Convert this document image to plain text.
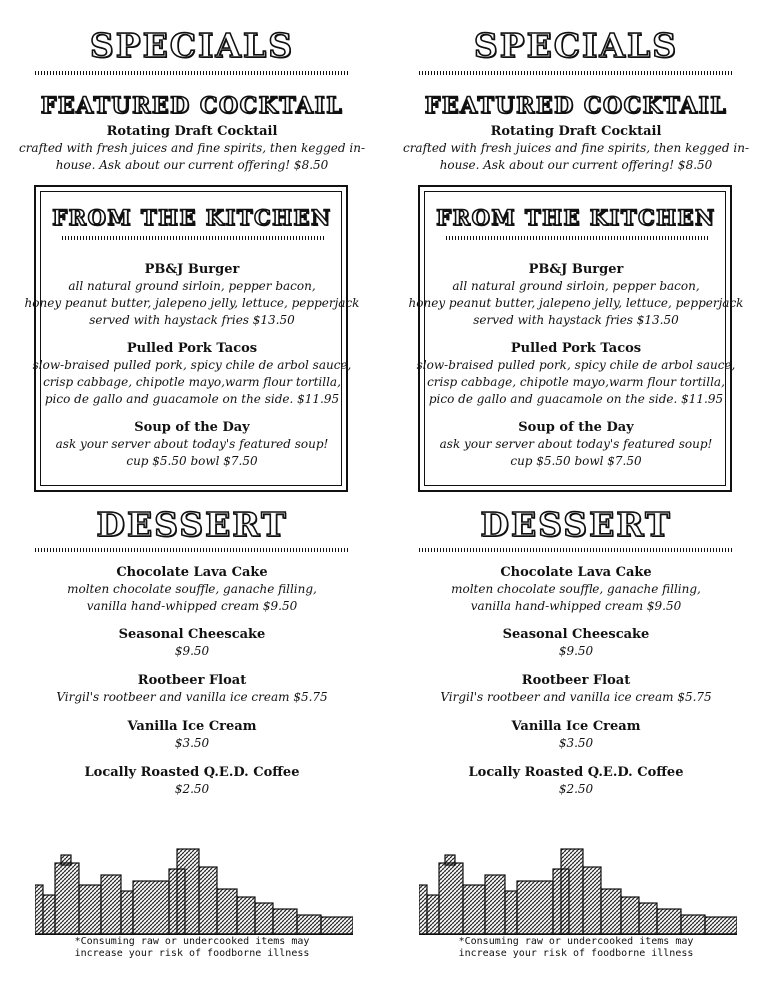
SPECIALS
FEATURED COCKTAIL
Rotating Draft Cocktail
crafted with fresh juices and fine spirits, then kegged in-
house. Ask about our current offering! $8.50
FROM THE KITCHEN
PB&J Burger
all natural ground sirloin, pepper bacon,
honey peanut butter, jalepeno jelly, lettuce, pepperjack
served with haystack fries $13.50
Pulled Pork Tacos
slow-braised pulled pork, spicy chile de arbol sauce,
crisp cabbage, chipotle mayo,warm flour tortilla,
pico de gallo and guacamole on the side. $11.95
Soup of the Day
ask your server about today's featured soup!
cup $5.50 bowl $7.50
DESSERT
Chocolate Lava Cake
molten chocolate souffle, ganache filling,
vanilla hand-whipped cream $9.50
Seasonal Cheescake
$9.50
Rootbeer Float
Virgil's rootbeer and vanilla ice cream $5.75
Vanilla Ice Cream
$3.50
Locally Roasted Q.E.D. Coffee
$2.50
*Consuming raw or undercooked items may
increase your risk of foodborne illness
SPECIALS
FEATURED COCKTAIL
Rotating Draft Cocktail
crafted with fresh juices and fine spirits, then kegged in-
house. Ask about our current offering! $8.50
FROM THE KITCHEN
PB&J Burger
all natural ground sirloin, pepper bacon,
honey peanut butter, jalepeno jelly, lettuce, pepperjack
served with haystack fries $13.50
Pulled Pork Tacos
slow-braised pulled pork, spicy chile de arbol sauce,
crisp cabbage, chipotle mayo,warm flour tortilla,
pico de gallo and guacamole on the side. $11.95
Soup of the Day
ask your server about today's featured soup!
cup $5.50 bowl $7.50
DESSERT
Chocolate Lava Cake
molten chocolate souffle, ganache filling,
vanilla hand-whipped cream $9.50
Seasonal Cheescake
$9.50
Rootbeer Float
Virgil's rootbeer and vanilla ice cream $5.75
Vanilla Ice Cream
$3.50
Locally Roasted Q.E.D. Coffee
$2.50
*Consuming raw or undercooked items may
increase your risk of foodborne illness
